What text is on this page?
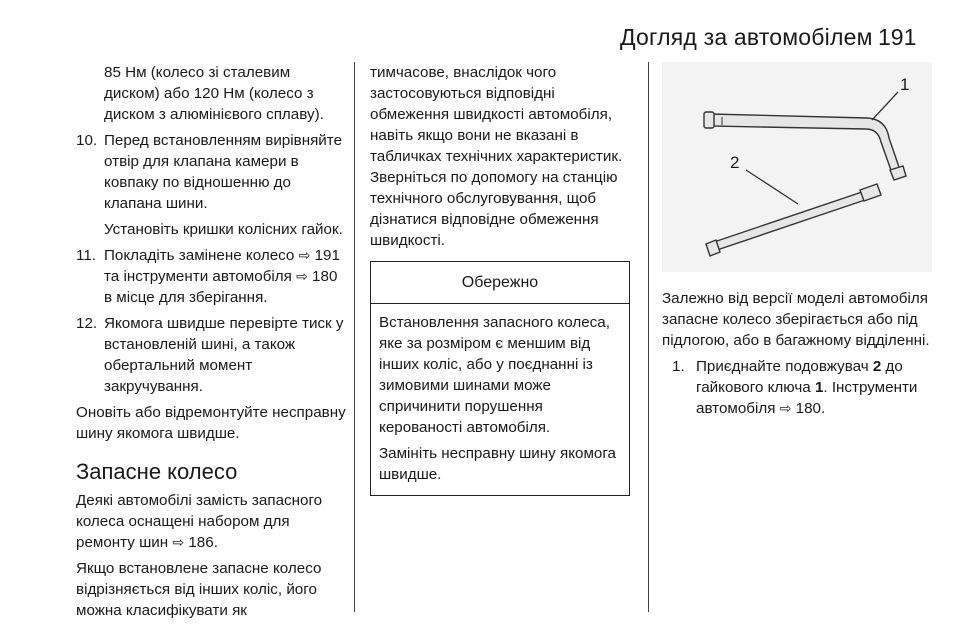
Догляд за автомобілем 191

85 Нм (колесо зі сталевим диском) або 120 Нм (колесо з диском з алюмінієвого сплаву).

10. Перед встановленням вирівняйте отвір для клапана камери в ковпаку по відношенню до клапана шини.
Установіть кришки колісних гайок.
11. Покладіть замінене колесо ⇨ 191 та інструменти автомобіля ⇨ 180 в місце для зберігання.
12. Якомога швидше перевірте тиск у встановленій шині, а також обертальний момент закручування.

Оновіть або відремонтуйте несправну шину якомога швидше.

Запасне колесо

Деякі автомобілі замість запасного колеса оснащені набором для ремонту шин ⇨ 186.

Якщо встановлене запасне колесо відрізняється від інших коліс, його можна класифікувати як

тимчасове, внаслідок чого застосовуються відповідні обмеження швидкості автомобіля, навіть якщо вони не вказані в табличках технічних характеристик. Зверніться по допомогу на станцію технічного обслуговування, щоб дізнатися відповідне обмеження швидкості.

Обережно

Встановлення запасного колеса, яке за розміром є меншим від інших коліс, або у поєднанні із зимовими шинами може спричинити порушення керованості автомобіля.

Замініть несправну шину якомога швидше.

1
2

Залежно від версії моделі автомобіля запасне колесо зберігається або під підлогою, або в багажному відділенні.

1. Приєднайте подовжувач 2 до гайкового ключа 1. Інструменти автомобіля ⇨ 180.
